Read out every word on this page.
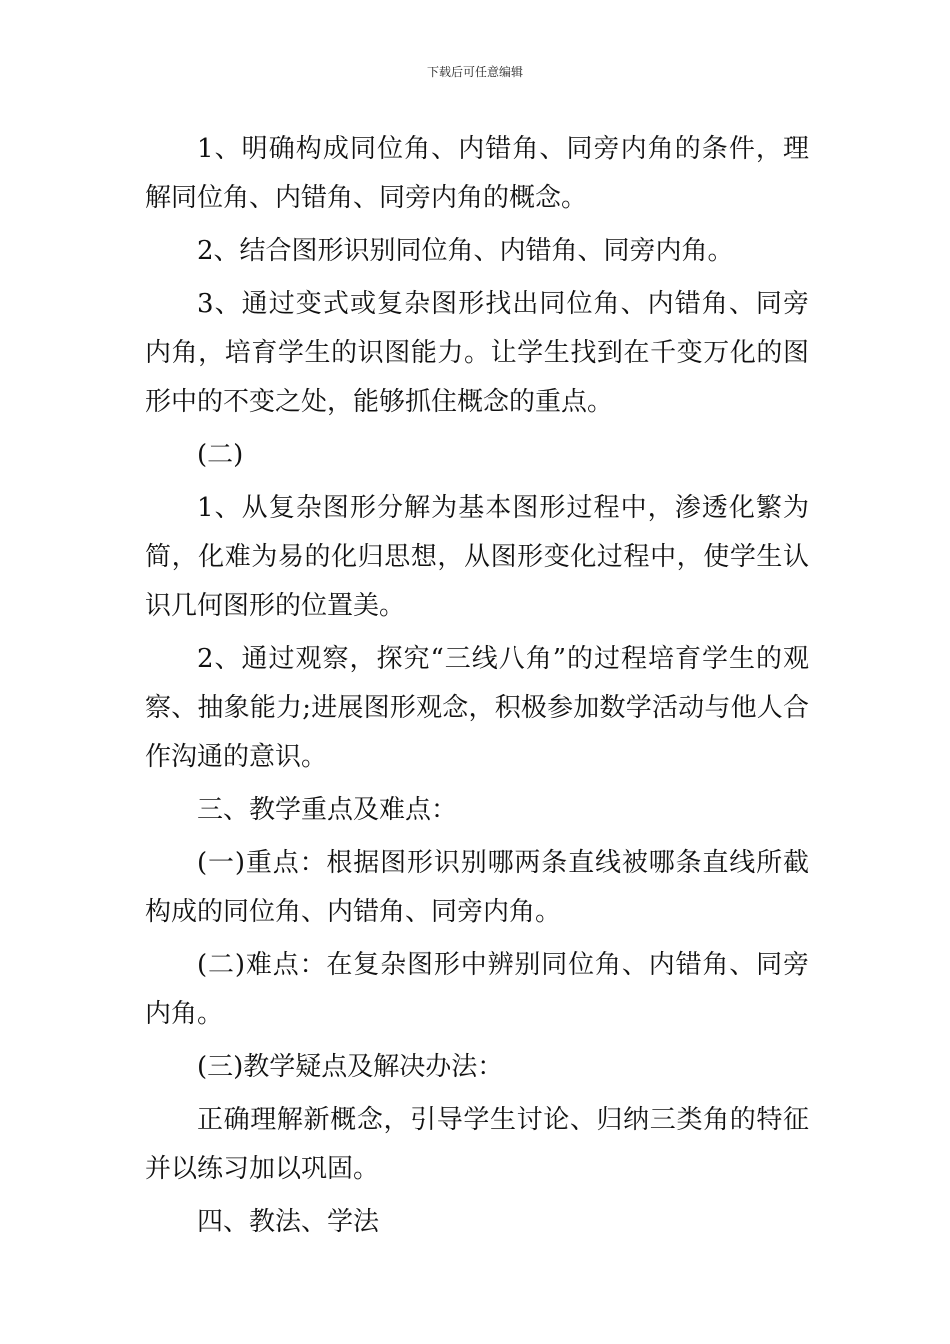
下载后可任意编辑

1、明确构成同位角、内错角、同旁内角的条件，理解同位角、内错角、同旁内角的概念。

2、结合图形识别同位角、内错角、同旁内角。

3、通过变式或复杂图形找出同位角、内错角、同旁内角，培育学生的识图能力。让学生找到在千变万化的图形中的不变之处，能够抓住概念的重点。

(二)

1、从复杂图形分解为基本图形过程中，渗透化繁为简，化难为易的化归思想，从图形变化过程中，使学生认识几何图形的位置美。

2、通过观察，探究“三线八角”的过程培育学生的观察、抽象能力;进展图形观念，积极参加数学活动与他人合作沟通的意识。

三、教学重点及难点：

(一)重点：根据图形识别哪两条直线被哪条直线所截构成的同位角、内错角、同旁内角。

(二)难点：在复杂图形中辨别同位角、内错角、同旁内角。

(三)教学疑点及解决办法：

正确理解新概念，引导学生讨论、归纳三类角的特征并以练习加以巩固。

四、教法、学法
